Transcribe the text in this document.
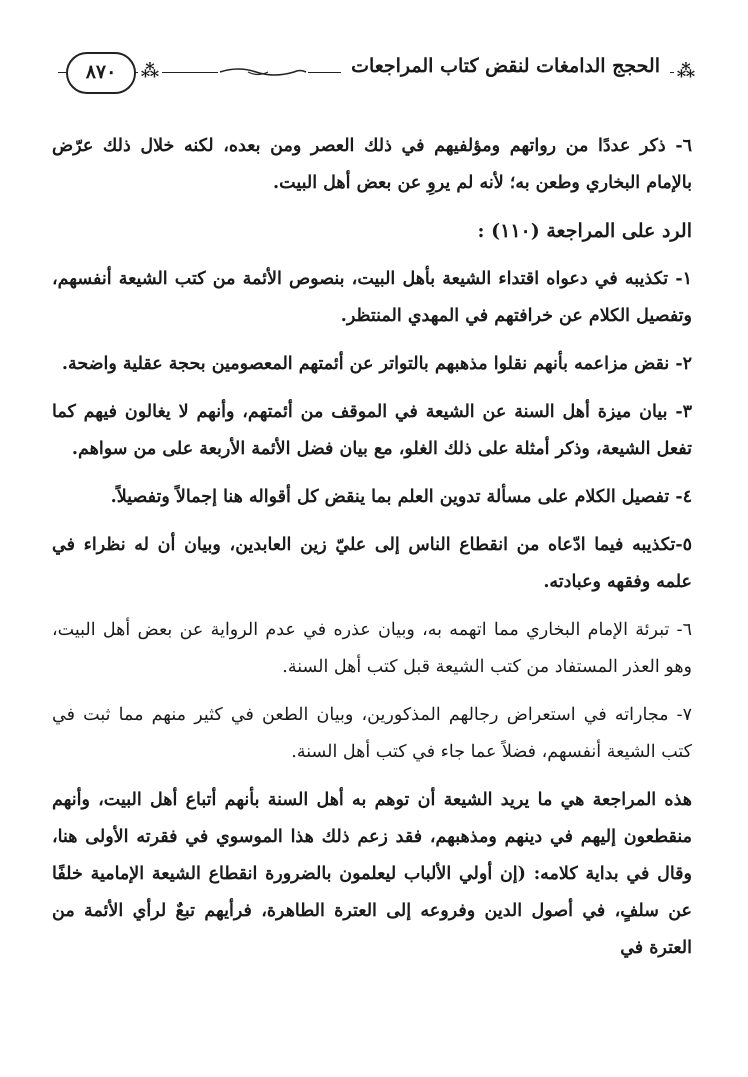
⁂
الحجج الدامغات لنقض كتاب المراجعات
⁂
٨٧٠

٦- ذكر عددًا من رواتهم ومؤلفيهم في ذلك العصر ومن بعده، لكنه خلال ذلك عرّض بالإمام البخاري وطعن به؛ لأنه لم يروِ عن بعض أهل البيت.

الرد على المراجعة (١١٠) :

١- تكذيبه في دعواه اقتداء الشيعة بأهل البيت، بنصوص الأئمة من كتب الشيعة أنفسهم، وتفصيل الكلام عن خرافتهم في المهدي المنتظر.

٢- نقض مزاعمه بأنهم نقلوا مذهبهم بالتواتر عن أئمتهم المعصومين بحجة عقلية واضحة.

٣- بيان ميزة أهل السنة عن الشيعة في الموقف من أئمتهم، وأنهم لا يغالون فيهم كما تفعل الشيعة، وذكر أمثلة على ذلك الغلو، مع بيان فضل الأئمة الأربعة على من سواهم.

٤- تفصيل الكلام على مسألة تدوين العلم بما ينقض كل أقواله هنا إجمالاً وتفصيلاً.

٥-تكذيبه فيما ادّعاه من انقطاع الناس إلى عليّ زين العابدين، وبيان أن له نظراء في علمه وفقهه وعبادته.

٦- تبرئة الإمام البخاري مما اتهمه به، وبيان عذره في عدم الرواية عن بعض أهل البيت، وهو العذر المستفاد من كتب الشيعة قبل كتب أهل السنة.

٧- مجاراته في استعراض رجالهم المذكورين، وبيان الطعن في كثير منهم مما ثبت في كتب الشيعة أنفسهم، فضلاً عما جاء في كتب أهل السنة.

هذه المراجعة هي ما يريد الشيعة أن توهم به أهل السنة بأنهم أتباع أهل البيت، وأنهم منقطعون إليهم في دينهم ومذهبهم، فقد زعم ذلك هذا الموسوي في فقرته الأولى هنا، وقال في بداية كلامه: (إن أولي الألباب ليعلمون بالضرورة انقطاع الشيعة الإمامية خلفًا عن سلفٍ، في أصول الدين وفروعه إلى العترة الطاهرة، فرأيهم تبعٌ لرأي الأئمة من العترة في
